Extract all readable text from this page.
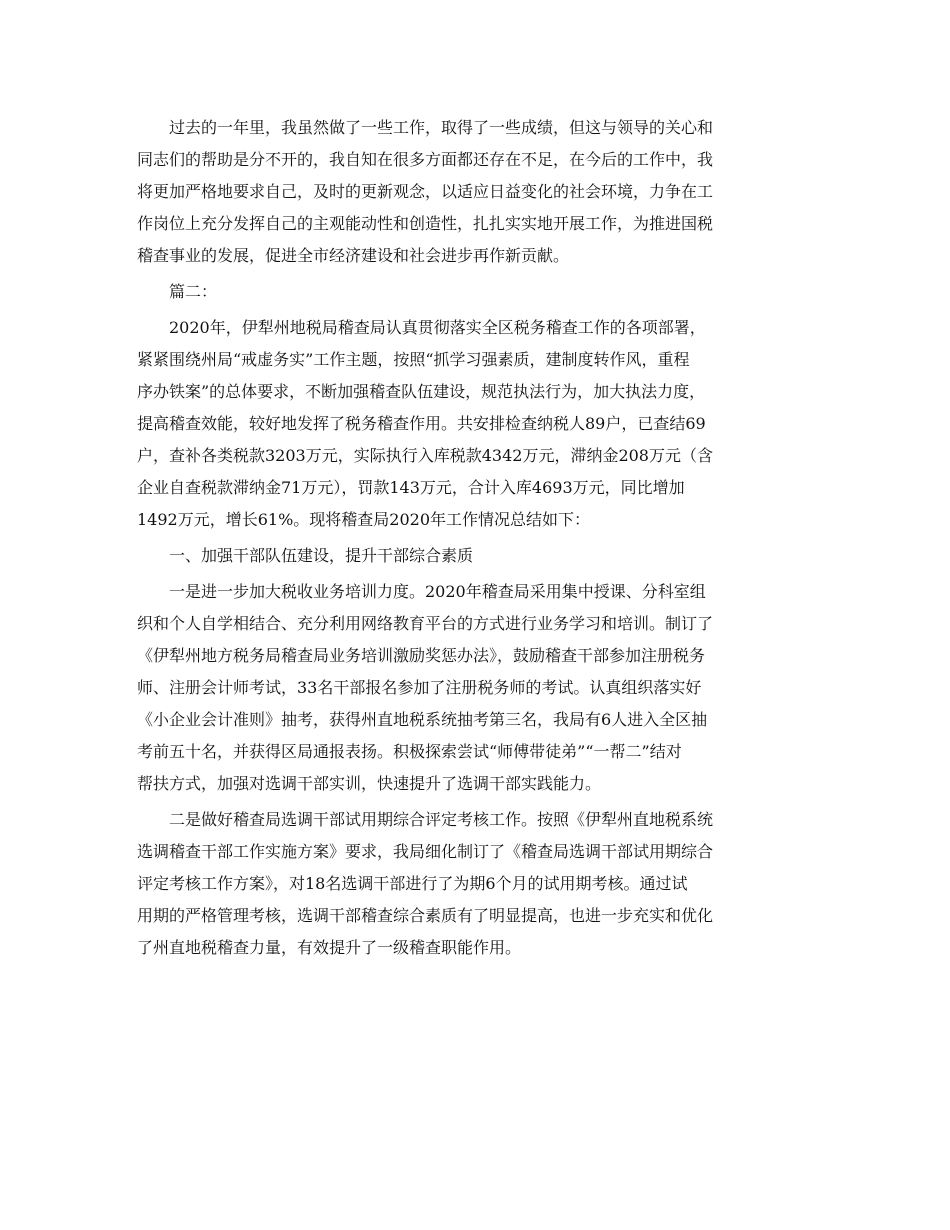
过去的一年里，我虽然做了一些工作，取得了一些成绩，但这与领导的关心和
同志们的帮助是分不开的，我自知在很多方面都还存在不足，在今后的工作中，我
将更加严格地要求自己，及时的更新观念，以适应日益变化的社会环境，力争在工
作岗位上充分发挥自己的主观能动性和创造性，扎扎实实地开展工作，为推进国税
稽查事业的发展，促进全市经济建设和社会进步再作新贡献。
篇二：
2020年，伊犁州地税局稽查局认真贯彻落实全区税务稽查工作的各项部署，
紧紧围绕州局“戒虚务实”工作主题，按照“抓学习强素质，建制度转作风，重程
序办铁案”的总体要求，不断加强稽查队伍建设，规范执法行为，加大执法力度，
提高稽查效能，较好地发挥了税务稽查作用。共安排检查纳税人89户，已查结69
户，查补各类税款3203万元，实际执行入库税款4342万元，滞纳金208万元（含
企业自查税款滞纳金71万元），罚款143万元，合计入库4693万元，同比增加
1492万元，增长61%。现将稽查局2020年工作情况总结如下：
一、加强干部队伍建设，提升干部综合素质
一是进一步加大税收业务培训力度。2020年稽查局采用集中授课、分科室组
织和个人自学相结合、充分利用网络教育平台的方式进行业务学习和培训。制订了
《伊犁州地方税务局稽查局业务培训激励奖惩办法》，鼓励稽查干部参加注册税务
师、注册会计师考试，33名干部报名参加了注册税务师的考试。认真组织落实好
《小企业会计准则》抽考，获得州直地税系统抽考第三名，我局有6人进入全区抽
考前五十名，并获得区局通报表扬。积极探索尝试“师傅带徒弟”“一帮二”结对
帮扶方式，加强对选调干部实训，快速提升了选调干部实践能力。
二是做好稽查局选调干部试用期综合评定考核工作。按照《伊犁州直地税系统
选调稽查干部工作实施方案》要求，我局细化制订了《稽查局选调干部试用期综合
评定考核工作方案》，对18名选调干部进行了为期6个月的试用期考核。通过试
用期的严格管理考核，选调干部稽查综合素质有了明显提高，也进一步充实和优化
了州直地税稽查力量，有效提升了一级稽查职能作用。
